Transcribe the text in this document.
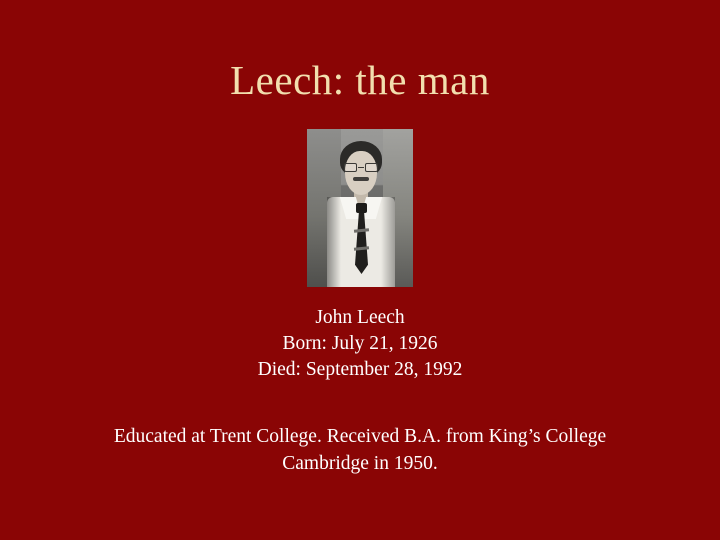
Leech: the man
John Leech
Born: July 21, 1926
Died: September 28, 1992
Educated at Trent College. Received B.A. from King’s College Cambridge in 1950.
